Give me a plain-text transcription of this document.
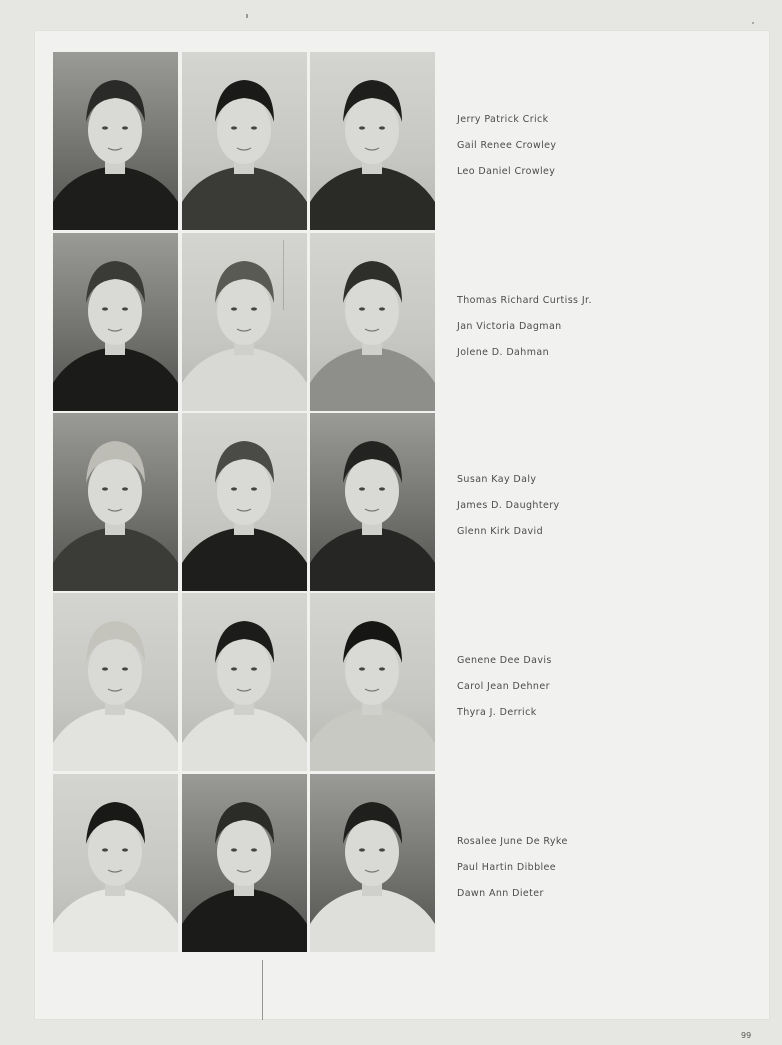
Jerry Patrick Crick
Gail Renee Crowley
Leo Daniel Crowley
Thomas Richard Curtiss Jr.
Jan Victoria Dagman
Jolene D. Dahman
Susan Kay Daly
James D. Daughtery
Glenn Kirk David
Genene Dee Davis
Carol Jean Dehner
Thyra J. Derrick
Rosalee June De Ryke
Paul Hartin Dibblee
Dawn Ann Dieter
99
